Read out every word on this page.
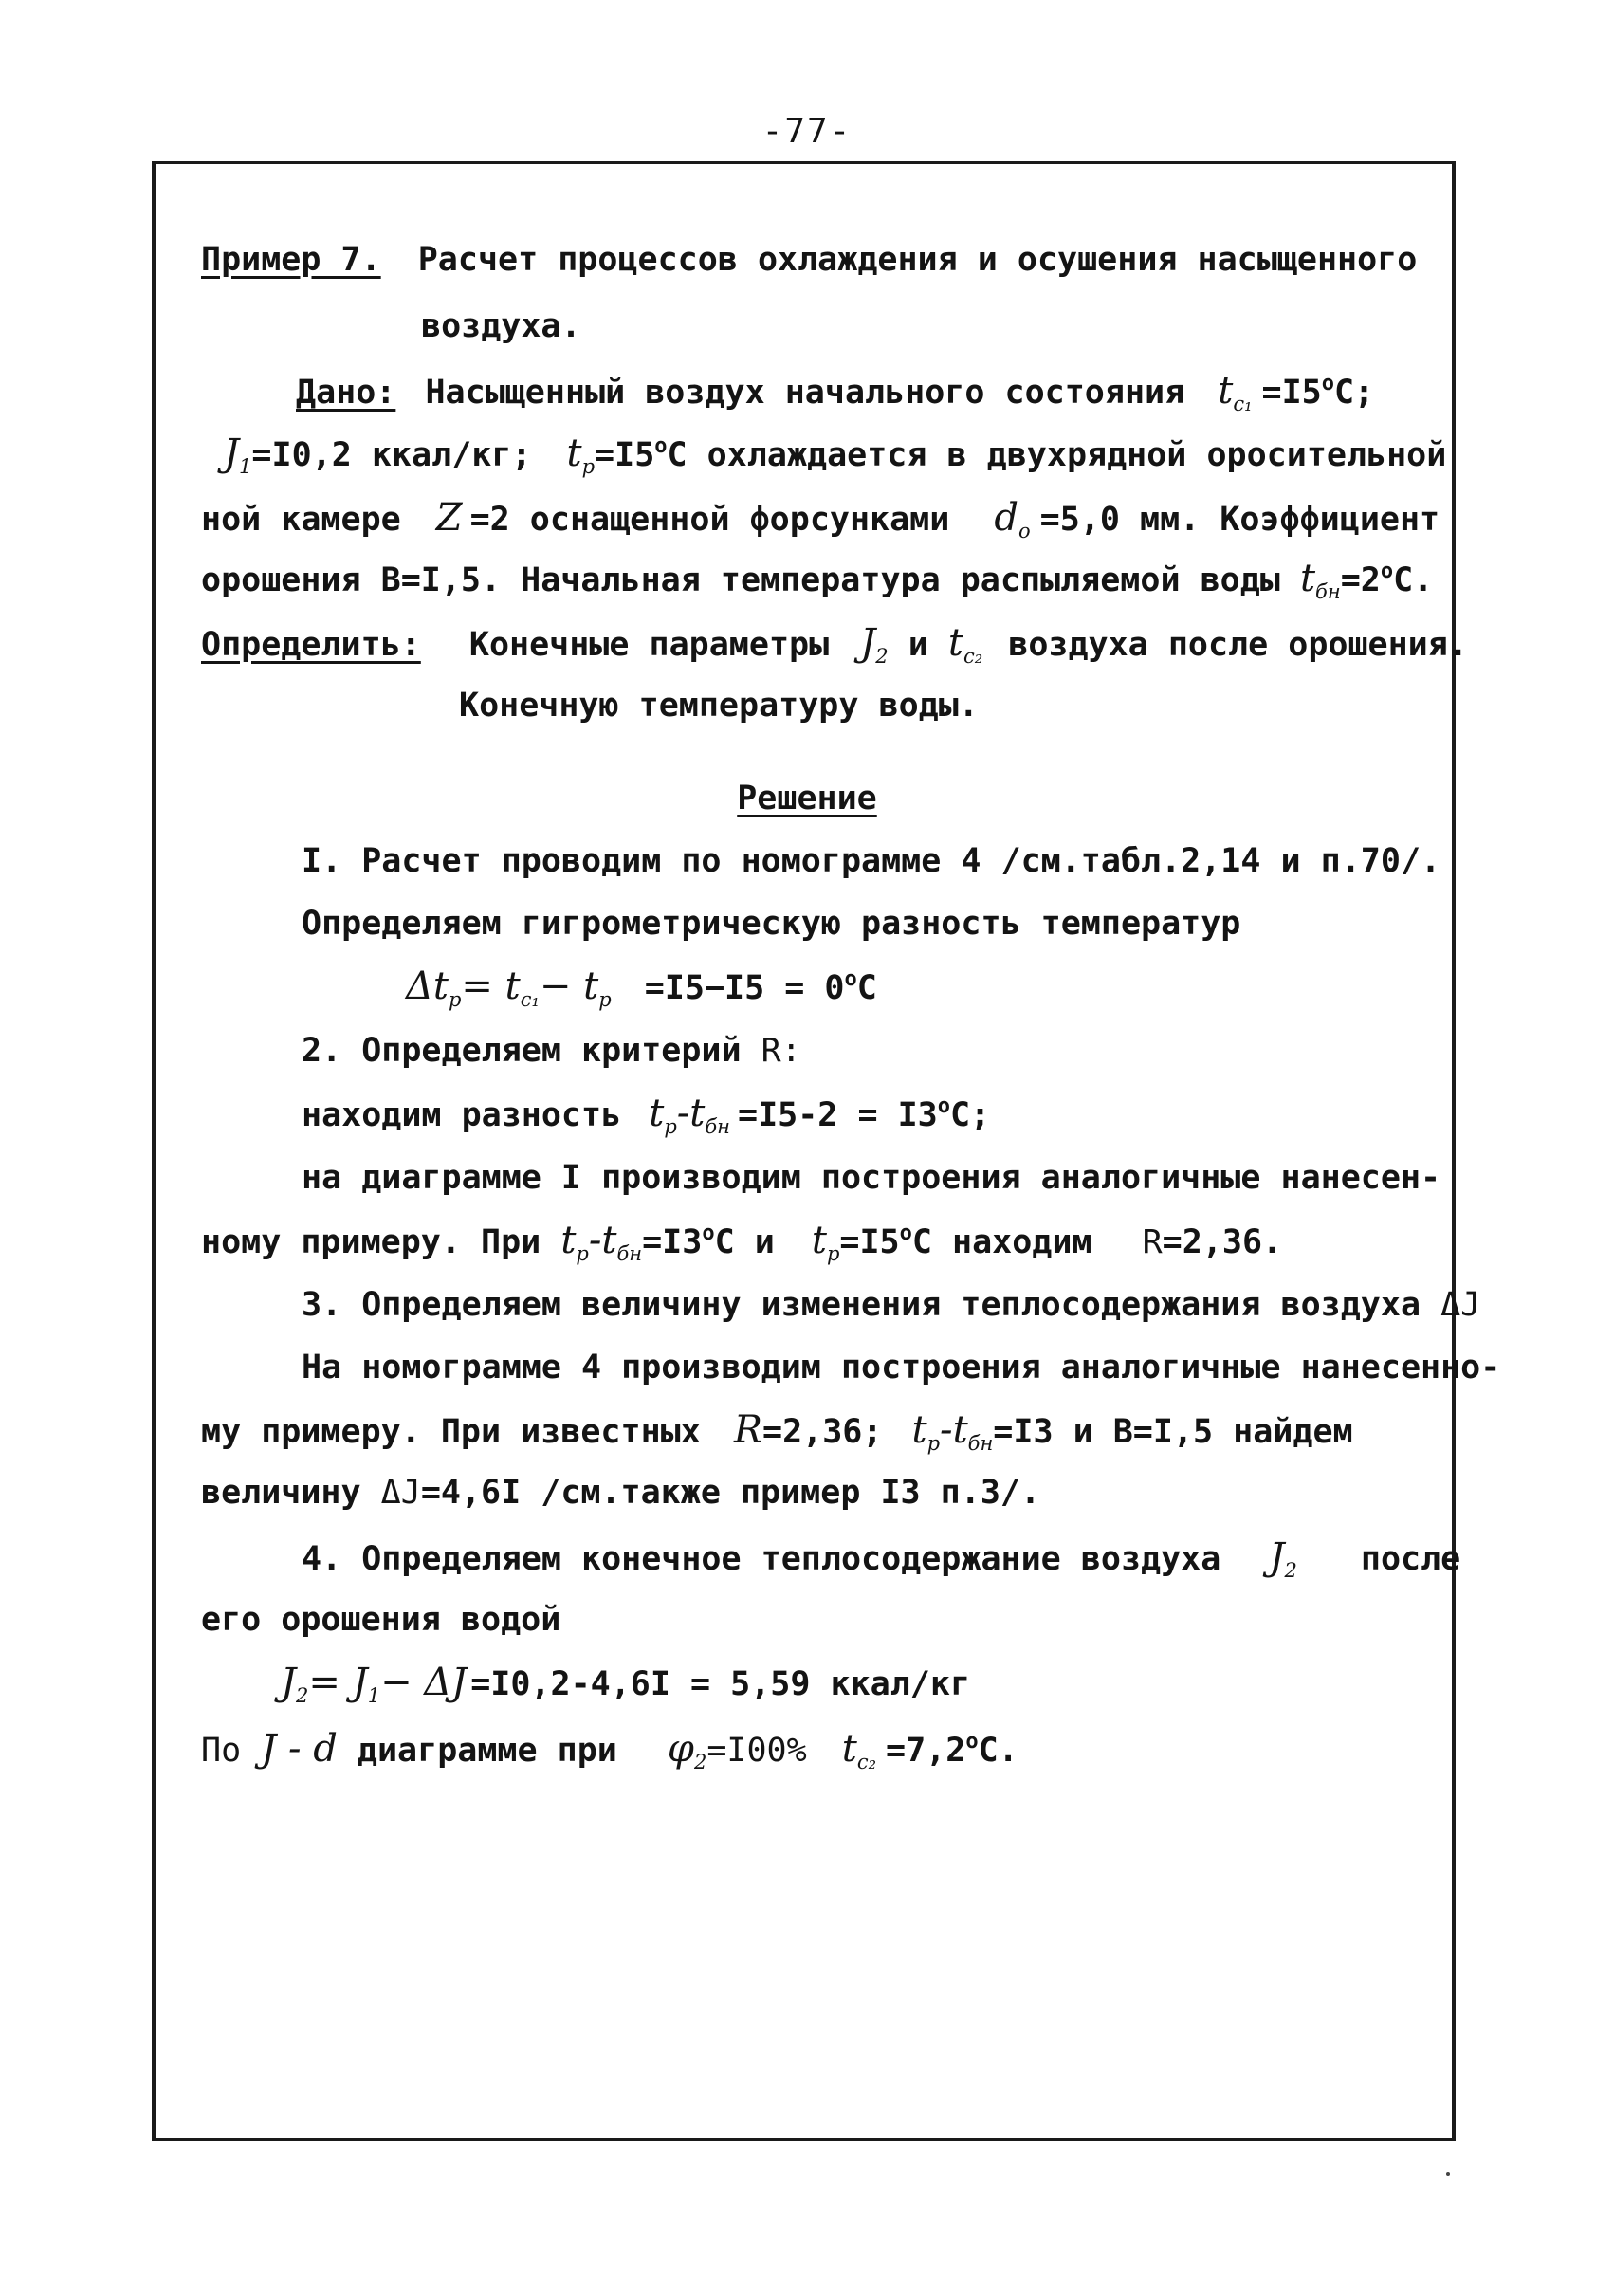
-77-
Пример 7. Расчет процессов охлаждения и осушения насыщенного
воздуха.
Дано: Насыщенный воздух начального состояния $t_{c_1} =I5^oC$;
$J_1=I0,2$ ккал/кг; $t_p=I5^oC$ охлаждается в двухрядной оросительной
ной камере Z =2 оснащенной форсунками $d_o =5,0$ мм. Коэффициент
орошения В=I,5. Начальная температура распыляемой воды $t_{бн}=2^oC$.
Определить: Конечные параметры $J_2$ и $t_{c_2}$ воздуха после орошения.
Конечную температуру воды.
Решение
I. Расчет проводим по номограмме 4 /см.табл.2,14 и п.70/.
Определяем гигрометрическую разность температур
$\Delta t_p= t_{c_1}- t_p =I5-I5 = 0^oC$
2. Определяем критерий R:
находим разность $t_p-t_{бн} =I5-2 = I3^oC$;
на диаграмме I производим построения аналогичные нанесен-
ному примеру. При $t_p-t_{бн}=I3^oC$ и $t_p=I5^oC$ находим R=2,36.
3. Определяем величину изменения теплосодержания воздуха ΔJ
На номограмме 4 производим построения аналогичные нанесенно-
му примеру. При известных R=2,36; $t_p-t_{бн}=I3$ и В=I,5 найдем
величину ΔJ=4,6I /см.также пример I3 п.3/.
4. Определяем конечное теплосодержание воздуха $J_2$ после
его орошения водой
$J_2= J_1- \Delta J =I0,2-4,6I = 5,59$ ккал/кг
По J - d диаграмме при $\varphi_2=I00\%$ $t_{c_2} =7,2^oC$.
